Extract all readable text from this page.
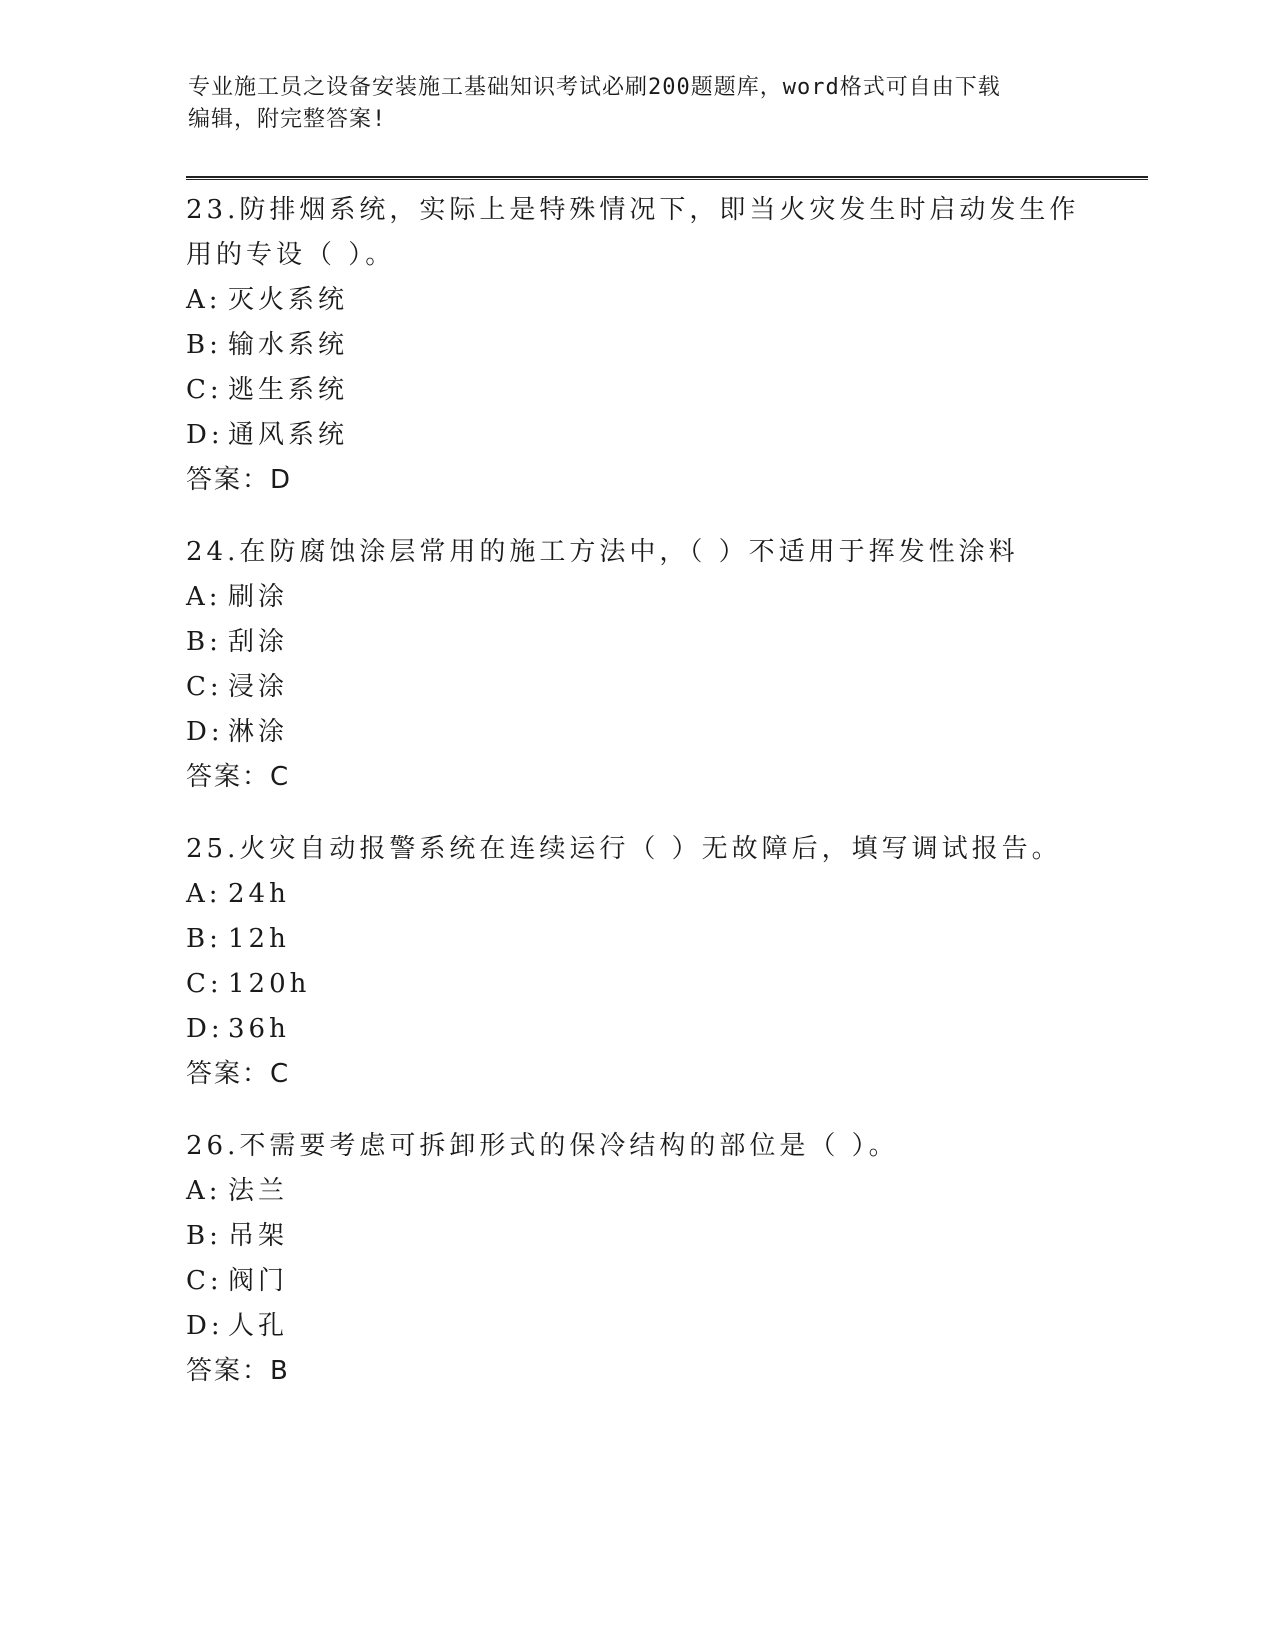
专业施工员之设备安装施工基础知识考试必刷200题题库，word格式可自由下载
编辑，附完整答案!
23.防排烟系统，实际上是特殊情况下，即当火灾发生时启动发生作用的专设（ ）。
A: 灭火系统
B: 输水系统
C: 逃生系统
D: 通风系统
答案：D
24.在防腐蚀涂层常用的施工方法中，（ ）不适用于挥发性涂料
A: 刷涂
B: 刮涂
C: 浸涂
D: 淋涂
答案：C
25.火灾自动报警系统在连续运行（ ）无故障后，填写调试报告。
A: 24h
B: 12h
C: 120h
D: 36h
答案：C
26.不需要考虑可拆卸形式的保冷结构的部位是（ ）。
A: 法兰
B: 吊架
C: 阀门
D: 人孔
答案：B
